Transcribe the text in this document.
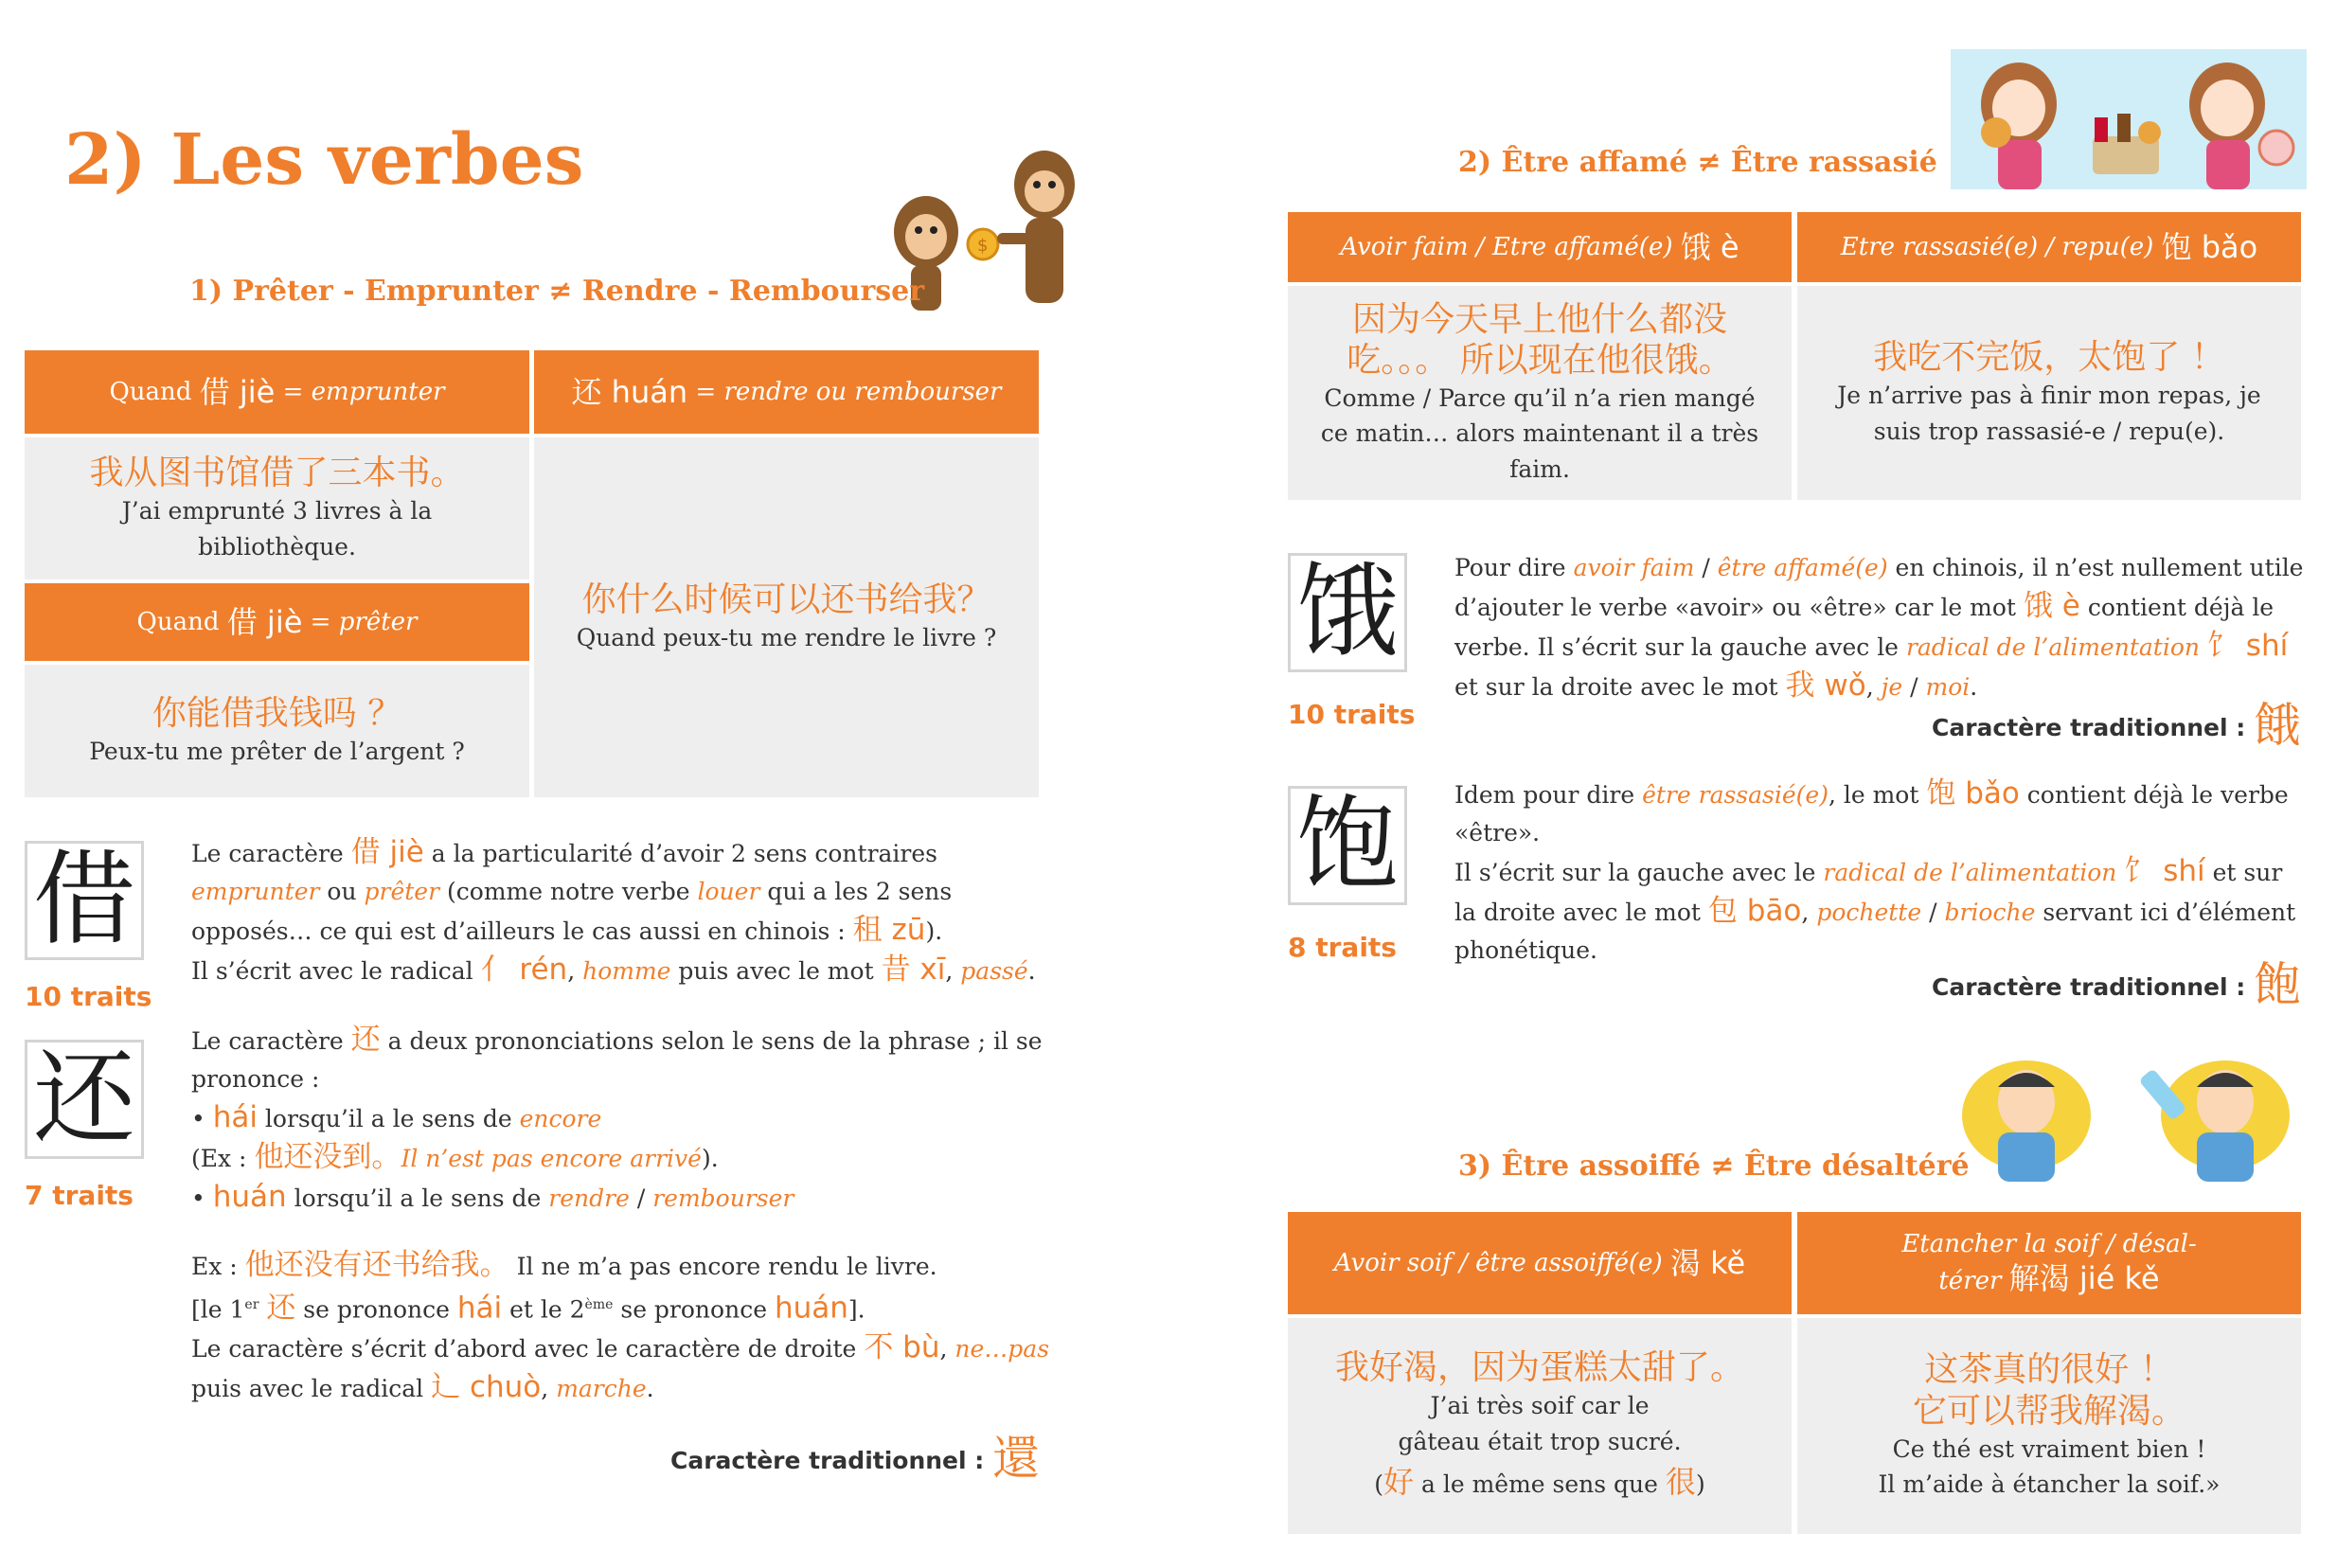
2) Les verbes
$
1) Prêter - Emprunter ≠ Rendre - Rembourser
Quand
借 jiè
= emprunter	还 huán
= rendre ou rembourser
我从图书馆借了三本书。
J’ai emprunté 3 livres à la bibliothèque.
Quand
借 jiè
= prêter
你能借我钱吗 ？
Peux-tu me prêter de l’argent ?
你什么时候可以还书给我？
Quand peux-tu me rendre le livre ?
借
10 traits
Le caractère 借 jiè a la particularité d’avoir 2 sens contraires emprunter ou prêter (comme notre verbe louer qui a les 2 sens opposés… ce qui est d’ailleurs le cas aussi en chinois : 租 zū).
Il s’écrit avec le radical 亻 rén, homme puis avec le mot 昔 xī, passé.
还
7 traits
Le caractère 还 a deux prononciations selon le sens de la phrase ; il se prononce :
• hái lorsqu’il a le sens de encore
(Ex : 他还没到。Il n’est pas encore arrivé).
• huán lorsqu’il a le sens de rendre / rembourser
Ex : 他还没有还书给我。 Il ne m’a pas encore rendu le livre.
[le 1er 还 se prononce hái et le 2ème se prononce huán].
Le caractère s’écrit d’abord avec le caractère de droite 不 bù, ne…pas puis avec le radical 辶 chuò, marche.
Caractère traditionnel : 還
2) Être affamé ≠ Être rassasié
Avoir faim / Etre affamé(e)
饿 è	Etre rassasié(e) / repu(e)
饱 bǎo
因为今天早上他什么都没吃。。。 所以现在他很饿。
Comme / Parce qu’il n’a rien mangé ce matin… alors maintenant il a très faim.
我吃不完饭，太饱了 ！
Je n’arrive pas à finir mon repas, je suis trop rassasié-e / repu(e).
饿
10 traits
Pour dire avoir faim / être affamé(e) en chinois, il n’est nullement utile d’ajouter le verbe «avoir» ou «être» car le mot 饿 è contient déjà le verbe. Il s’écrit sur la gauche avec le radical de l’alimentation 饣 shí et sur la droite avec le mot 我 wǒ, je / moi.
Caractère traditionnel : 餓
饱
8 traits
Idem pour dire être rassasié(e), le mot 饱 bǎo contient déjà le verbe «être».
Il s’écrit sur la gauche avec le radical de l’alimentation 饣 shí et sur la droite avec le mot 包 bāo, pochette / brioche servant ici d’élément phonétique.
Caractère traditionnel : 飽
3) Être assoiffé ≠ Être désaltéré
Avoir soif / être assoiffé(e)
渴 kě
Etancher la soif / désal-
térer 解渴 jié kě
我好渴，因为蛋糕太甜了。
J’ai très soif car le
gâteau était trop sucré.
(好 a le même sens que 很)
这茶真的很好 ！
它可以帮我解渴。
Ce thé est vraiment bien !
Il m’aide à étancher la soif.»
